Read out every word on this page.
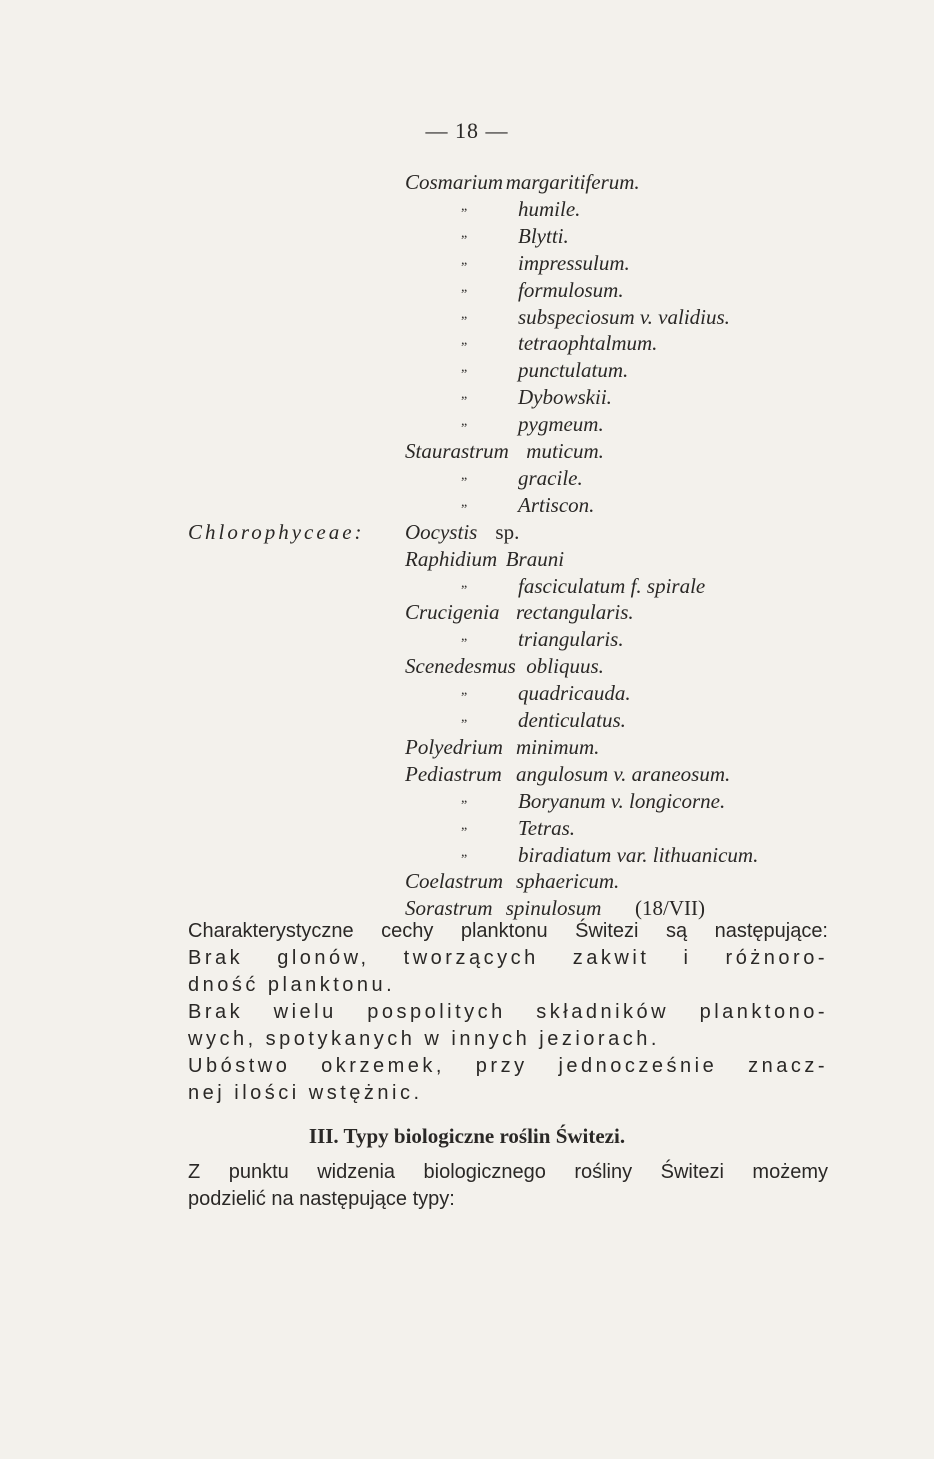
— 18 —
Cosmarium margaritiferum.
„ humile.
„ Blytti.
„ impressulum.
„ formulosum.
„ subspeciosum v. validius.
„ tetraophtalmum.
„ punctulatum.
„ Dybowskii.
„ pygmeum.
Staurastrum muticum.
„ gracile.
„ Artiscon.
Chlorophyceae: Oocystis sp.
Raphidium Brauni
„ fasciculatum f. spirale
Crucigenia rectangularis.
„ triangularis.
Scenedesmus obliquus.
„ quadricauda.
„ denticulatus.
Polyedrium minimum.
Pediastrum angulosum v. araneosum.
„ Boryanum v. longicorne.
„ Tetras.
„ biradiatum var. lithuanicum.
Coelastrum sphaericum.
Sorastrum spinulosum (18/VII)
Charakterystyczne cechy planktonu Świtezi są następujące:
Brak glonów, tworzących zakwit i różnoro-
dność planktonu.
Brak wielu pospolitych składników planktono-
wych, spotykanych w innych jeziorach.
Ubóstwo okrzemek, przy jednocześnie znacz-
nej ilości wstężnic.
III. Typy biologiczne roślin Świtezi.
Z punktu widzenia biologicznego rośliny Świtezi możemy
podzielić na następujące typy:
